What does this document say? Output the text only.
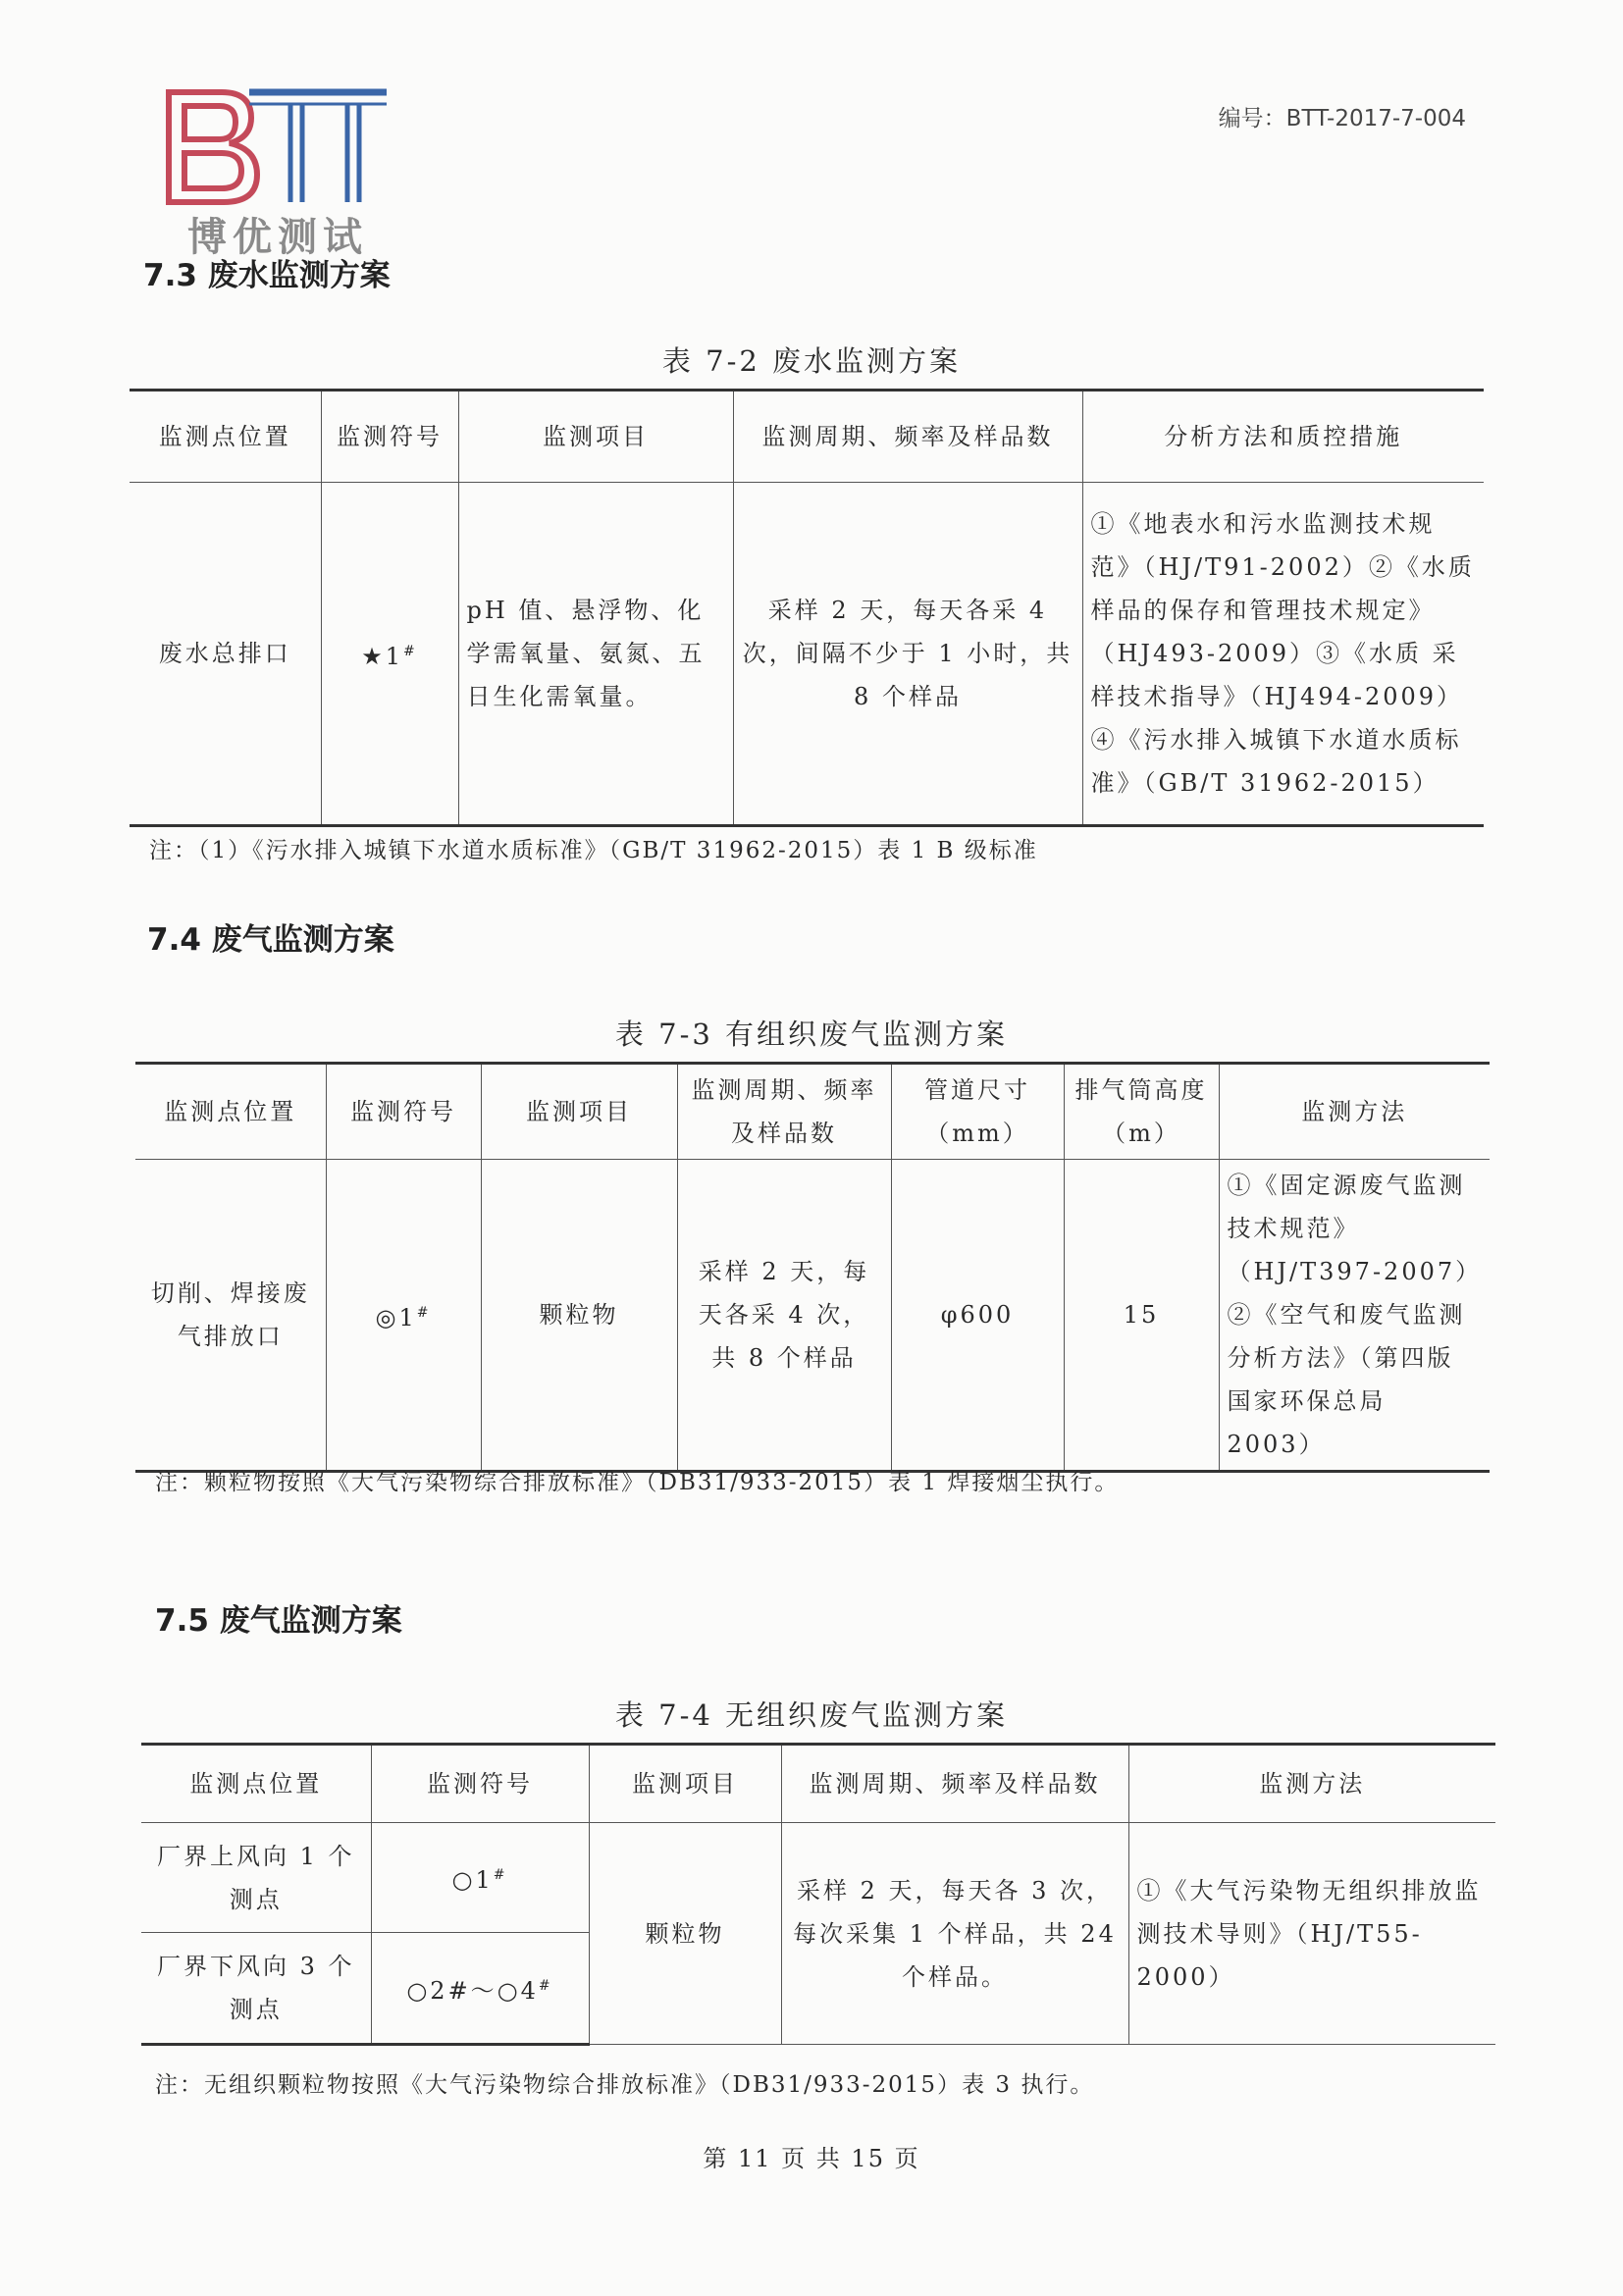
博优测试
编号：BTT-2017-7-004
7.3 废水监测方案
表 7-2 废水监测方案
监测点位置	监测符号	监测项目	监测周期、频率及样品数	分析方法和质控措施
废水总排口	★1#	pH 值、悬浮物、化学需氧量、氨氮、五日生化需氧量。	采样 2 天，每天各采 4 次，间隔不少于 1 小时，共 8 个样品	①《地表水和污水监测技术规范》（HJ/T91-2002）②《水质 样品的保存和管理技术规定》（HJ493-2009）③《水质 采样技术指导》（HJ494-2009）④《污水排入城镇下水道水质标准》（GB/T 31962-2015）
注：（1）《污水排入城镇下水道水质标准》（GB/T 31962-2015）表 1 B 级标准
7.4 废气监测方案
表 7-3 有组织废气监测方案
监测点位置	监测符号	监测项目	监测周期、频率及样品数	管道尺寸（mm）	排气筒高度（m）	监测方法
切削、焊接废气排放口	◎1#	颗粒物	采样 2 天，每天各采 4 次，共 8 个样品	φ600	15	①《固定源废气监测技术规范》（HJ/T397-2007）②《空气和废气监测分析方法》（第四版 国家环保总局 2003）
注：颗粒物按照《大气污染物综合排放标准》（DB31/933-2015）表 1 焊接烟尘执行。
7.5 废气监测方案
表 7-4 无组织废气监测方案
监测点位置	监测符号	监测项目	监测周期、频率及样品数	监测方法
厂界上风向 1 个测点	○1#	颗粒物	采样 2 天，每天各 3 次，每次采集 1 个样品，共 24 个样品。	①《大气污染物无组织排放监测技术导则》（HJ/T55-2000）
厂界下风向 3 个测点	○2#～○4#
注：无组织颗粒物按照《大气污染物综合排放标准》（DB31/933-2015）表 3 执行。
第 11 页 共 15 页
